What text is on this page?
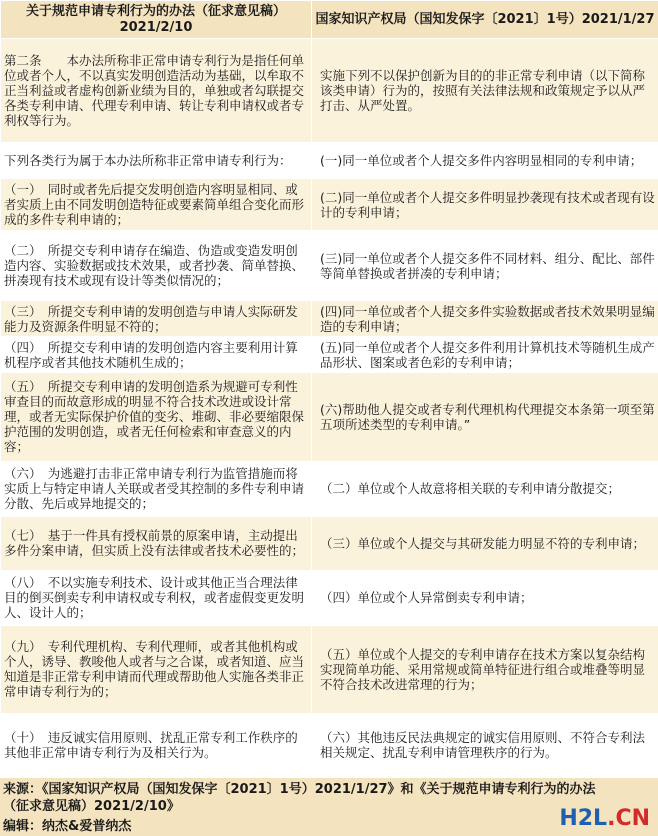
关于规范申请专利行为的办法（征求意见稿）2021/2/10	国家知识产权局（国知发保字〔2021〕1号）2021/1/27
第二条　　本办法所称非正常申请专利行为是指任何单位或者个人，不以真实发明创造活动为基础，以牟取不正当利益或者虚构创新业绩为目的，单独或者勾联提交各类专利申请、代理专利申请、转让专利申请权或者专利权等行为。	实施下列不以保护创新为目的的非正常专利申请（以下简称该类申请）行为的，按照有关法律法规和政策规定予以从严打击、从严处置。
下列各类行为属于本办法所称非正常申请专利行为：	(一)同一单位或者个人提交多件内容明显相同的专利申请；
（一）　同时或者先后提交发明创造内容明显相同、或者实质上由不同发明创造特征或要素简单组合变化而形成的多件专利申请的；	(二)同一单位或者个人提交多件明显抄袭现有技术或者现有设计的专利申请；
（二）　所提交专利申请存在编造、伪造或变造发明创造内容、实验数据或技术效果，或者抄袭、简单替换、拼凑现有技术或现有设计等类似情况的；	(三)同一单位或者个人提交多件不同材料、组分、配比、部件等简单替换或者拼凑的专利申请；
（三）　所提交专利申请的发明创造与申请人实际研发能力及资源条件明显不符的；	(四)同一单位或者个人提交多件实验数据或者技术效果明显编造的专利申请；
（四）　所提交专利申请的发明创造内容主要利用计算机程序或者其他技术随机生成的；	(五)同一单位或者个人提交多件利用计算机技术等随机生成产品形状、图案或者色彩的专利申请；
（五）　所提交专利申请的发明创造系为规避可专利性审查目的而故意形成的明显不符合技术改进或设计常理，或者无实际保护价值的变劣、堆砌、非必要缩限保护范围的发明创造，或者无任何检索和审查意义的内容；	(六)帮助他人提交或者专利代理机构代理提交本条第一项至第五项所述类型的专利申请。”
（六）　为逃避打击非正常申请专利行为监管措施而将实质上与特定申请人关联或者受其控制的多件专利申请分散、先后或异地提交的；	（二）单位或个人故意将相关联的专利申请分散提交；
（七）　基于一件具有授权前景的原案申请，主动提出多件分案申请，但实质上没有法律或者技术必要性的；	（三）单位或个人提交与其研发能力明显不符的专利申请；
（八）　不以实施专利技术、设计或其他正当合理法律目的倒买倒卖专利申请权或专利权，或者虚假变更发明人、设计人的；	（四）单位或个人异常倒卖专利申请；
（九）　专利代理机构、专利代理师，或者其他机构或个人，诱导、教唆他人或者与之合谋，或者知道、应当知道是非正常专利申请而代理或帮助他人实施各类非正常申请专利行为的；	（五）单位或个人提交的专利申请存在技术方案以复杂结构实现简单功能、采用常规或简单特征进行组合或堆叠等明显不符合技术改进常理的行为；
（十）　违反诚实信用原则、扰乱正常专利工作秩序的其他非正常申请专利行为及相关行为。	（六）其他违反民法典规定的诚实信用原则、不符合专利法相关规定、扰乱专利申请管理秩序的行为。
来源：《国家知识产权局（国知发保字〔2021〕1号）2021/1/27》和《关于规范申请专利行为的办法（征求意见稿）2021/2/10》
编辑：纳杰&爱普纳杰	H2L.CN
